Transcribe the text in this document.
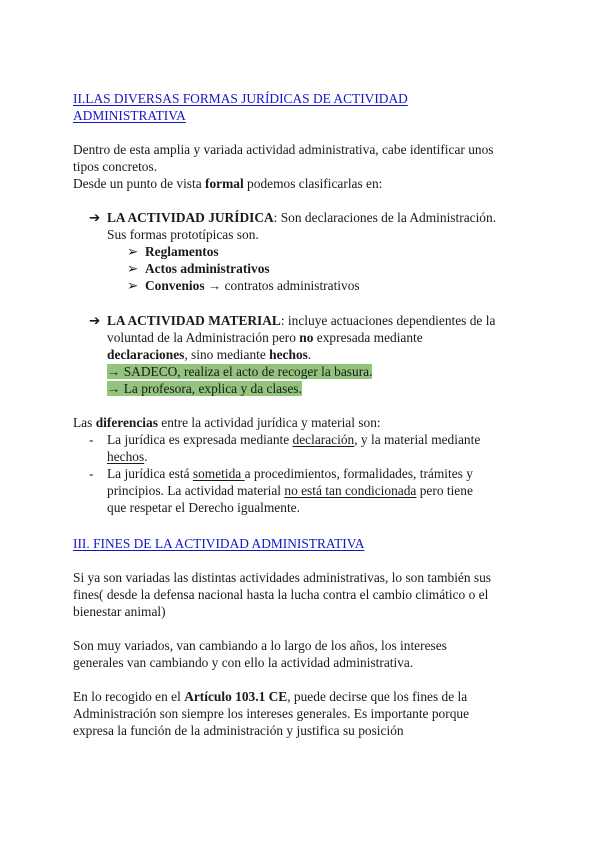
II.LAS DIVERSAS FORMAS JURÍDICAS DE ACTIVIDAD

ADMINISTRATIVA

Dentro de esta amplia y variada actividad administrativa, cabe identificar unos

tipos concretos.

Desde un punto de vista formal podemos clasificarlas en:

➔ LA ACTIVIDAD JURÍDICA: Son declaraciones de la Administración.

Sus formas prototípicas son.

➢ Reglamentos

➢ Actos administrativos

➢ Convenios → contratos administrativos

➔ LA ACTIVIDAD MATERIAL: incluye actuaciones dependientes de la

voluntad de la Administración pero no expresada mediante

declaraciones, sino mediante hechos.

→ SADECO, realiza el acto de recoger la basura.

→ La profesora, explica y da clases.

Las diferencias entre la actividad jurídica y material son:

- La jurídica es expresada mediante declaración, y la material mediante

hechos.

- La jurídica está sometida a procedimientos, formalidades, trámites y

principios. La actividad material no está tan condicionada pero tiene

que respetar el Derecho igualmente.

III. FINES DE LA ACTIVIDAD ADMINISTRATIVA

Si ya son variadas las distintas actividades administrativas, lo son también sus

fines( desde la defensa nacional hasta la lucha contra el cambio climático o el

bienestar animal)

Son muy variados, van cambiando a lo largo de los años, los intereses

generales van cambiando y con ello la actividad administrativa.

En lo recogido en el Artículo 103.1 CE, puede decirse que los fines de la

Administración son siempre los intereses generales. Es importante porque

expresa la función de la administración y justifica su posición
